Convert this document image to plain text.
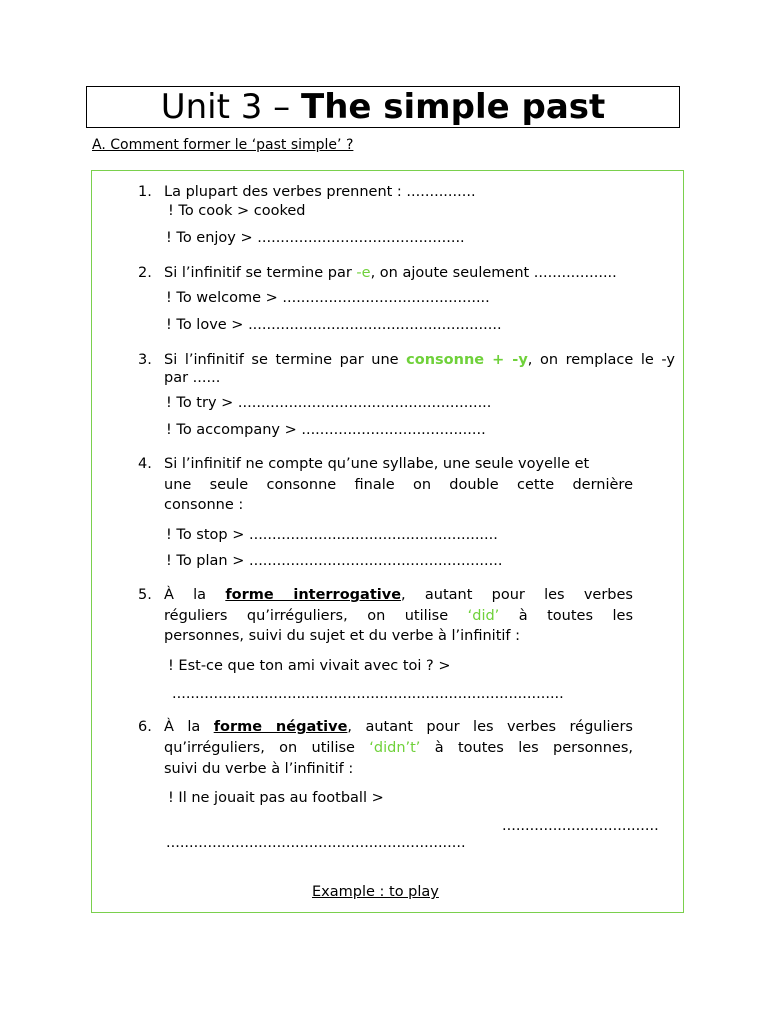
Unit 3 – The simple past
A. Comment former le ‘past simple’ ?
1. La plupart des verbes prennent : ...............
! To cook > cooked
! To enjoy > .............................................
2. Si l’infinitif se termine par -e, on ajoute seulement ..................
! To welcome > .............................................
! To love > .......................................................
3. Si l’infinitif se termine par une consonne + -y, on remplace le -y
par ......
! To try > .......................................................
! To accompany > ........................................
4. Si l’infinitif ne compte qu’une syllabe, une seule voyelle et
une seule consonne finale on double cette dernière
consonne :
! To stop > ......................................................
! To plan > .......................................................
5. À la forme interrogative, autant pour les verbes
réguliers qu’irréguliers, on utilise ‘did’ à toutes les
personnes, suivi du sujet et du verbe à l’infinitif :
! Est-ce que ton ami vivait avec toi ? >
.....................................................................................
6. À la forme négative, autant pour les verbes réguliers
qu’irréguliers, on utilise ‘didn’t’ à toutes les personnes,
suivi du verbe à l’infinitif :
! Il ne jouait pas au football >
..................................
.................................................................
Example : to play
